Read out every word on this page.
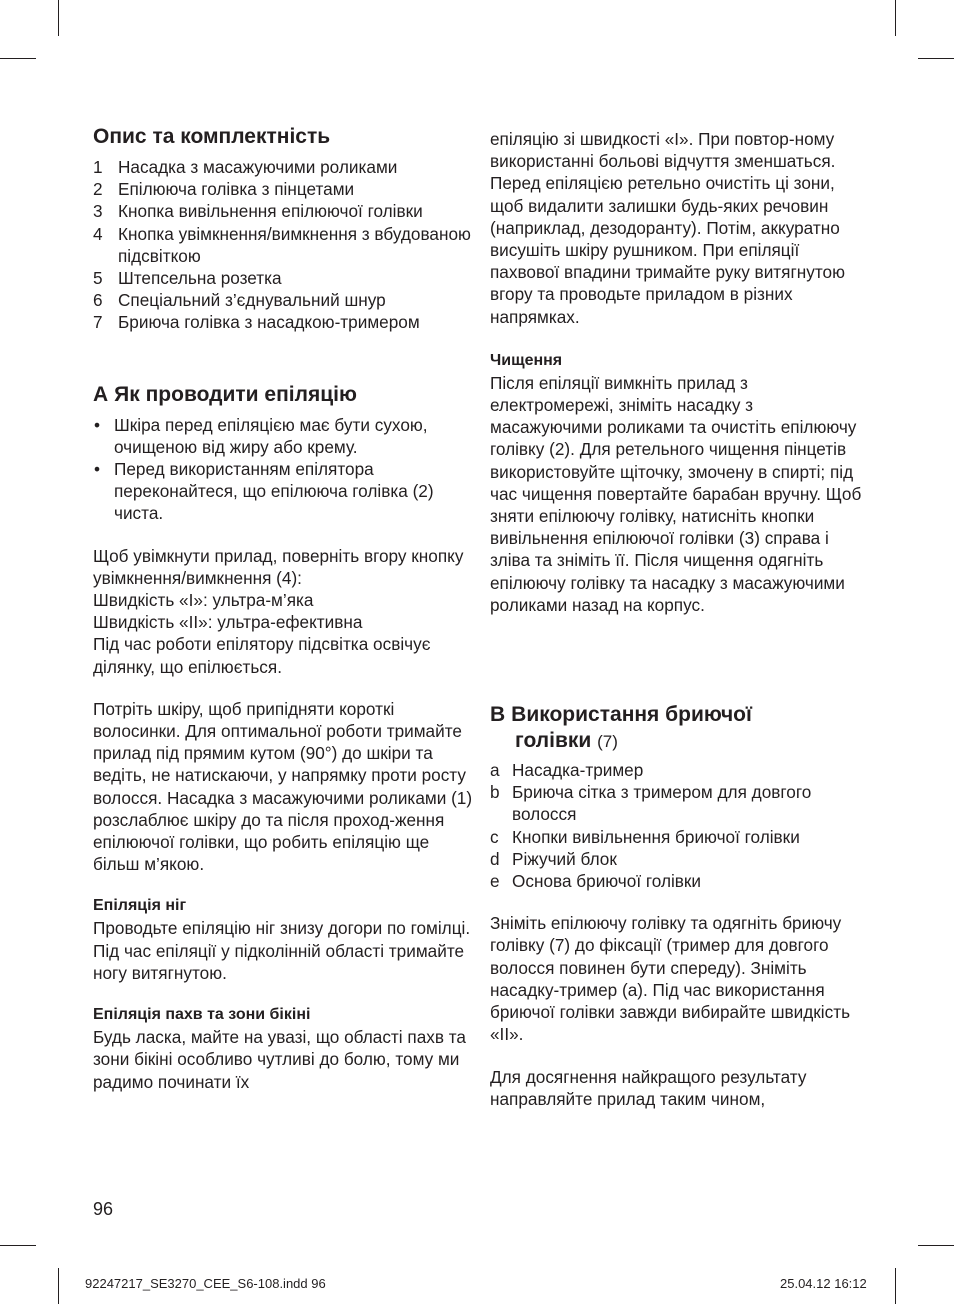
Опис та комплектність
1 Насадка з масажуючими роликами
2 Епілююча голівка з пінцетами
3 Кнопка вивільнення епілюючої голівки
4 Кнопка увімкнення/вимкнення з вбудованою підсвіткою
5 Штепсельна розетка
6 Спеціальний з’єднувальний шнур
7 Бриюча голівка з насадкою-тримером
A Як проводити епіляцію
• Шкіра перед епіляцією має бути сухою, очищеною від жиру або крему.
• Перед використанням епілятора переконайтеся, що епілююча голівка (2) чиста.

Щоб увімкнути прилад, поверніть вгору кнопку увімкнення/вимкнення (4):

Швидкість «I»: ультра-м’яка

Швидкість «II»: ультра-ефективна

Під час роботи епілятору підсвітка освічує ділянку, що епілюється.

Потріть шкіру, щоб припідняти короткі волосинки. Для оптимальної роботи тримайте прилад під прямим кутом (90°) до шкіри та ведіть, не натискаючи, у напрямку проти росту волосся. Насадка з масажуючими роликами (1) розслаблює шкіру до та після проход-ження епілюючої голівки, що робить епіляцію ще більш м’якою.

Епіляція ніг

Проводьте епіляцію ніг знизу догори по гомілці. Під час епіляції у підколінній області тримайте ногу витягнутою.

Епіляція пахв та зони бікіні

Будь ласка, майте на увазі, що області пахв та зони бікіні особливо чутливі до болю, тому ми радимо починати їх

епіляцію зі швидкості «I». При повтор-ному використанні больові відчуття зменшаться.

Перед епіляцією ретельно очистіть ці зони, щоб видалити залишки будь-яких речовин (наприклад, дезодоранту). Потім, аккуратно висушіть шкіру рушником. При епіляції пахвової впадини тримайте руку витягнутою вгору та проводьте приладом в різних напрямках.

Чищення

Після епіляції вимкніть прилад з електромережі, зніміть насадку з масажуючими роликами та очистіть епілюючу голівку (2). Для ретельного чищення пінцетів використовуйте щіточку, змочену в спирті; під час чищення повертайте барабан вручну. Щоб зняти епілюючу голівку, натисніть кнопки вивільнення епілюючої голівки (3) справа і зліва та зніміть її. Після чищення одягніть епілюючу голівку та насадку з масажуючими роликами назад на корпус.

B Використання бриючої
голівки (7)
a Насадка-тример
b Бриюча сітка з тримером для довгого волосся
c Кнопки вивільнення бриючої голівки
d Ріжучий блок
e Основа бриючої голівки

Зніміть епілюючу голівку та одягніть бриючу голівку (7) до фіксації (тример для довгого волосся повинен бути спереду). Зніміть насадку-тример (a). Під час використання бриючої голівки завжди вибирайте швидкість «II».

Для досягнення найкращого результату направляйте прилад таким чином,

96
92247217_SE3270_CEE_S6-108.indd 96	25.04.12 16:12
